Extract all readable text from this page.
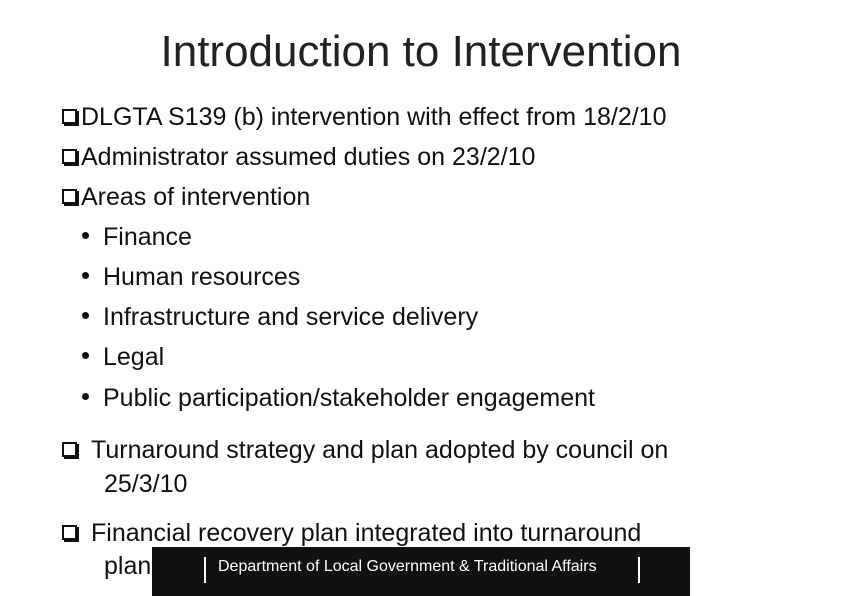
Introduction to Intervention
DLGTA S139 (b) intervention with effect from 18/2/10
Administrator assumed duties on 23/2/10
Areas of intervention
Finance
Human resources
Infrastructure and service delivery
Legal
Public participation/stakeholder engagement
Turnaround strategy and plan adopted by council on
25/3/10
Financial recovery plan integrated into turnaround
plan	Department of Local Government & Traditional Affairs
